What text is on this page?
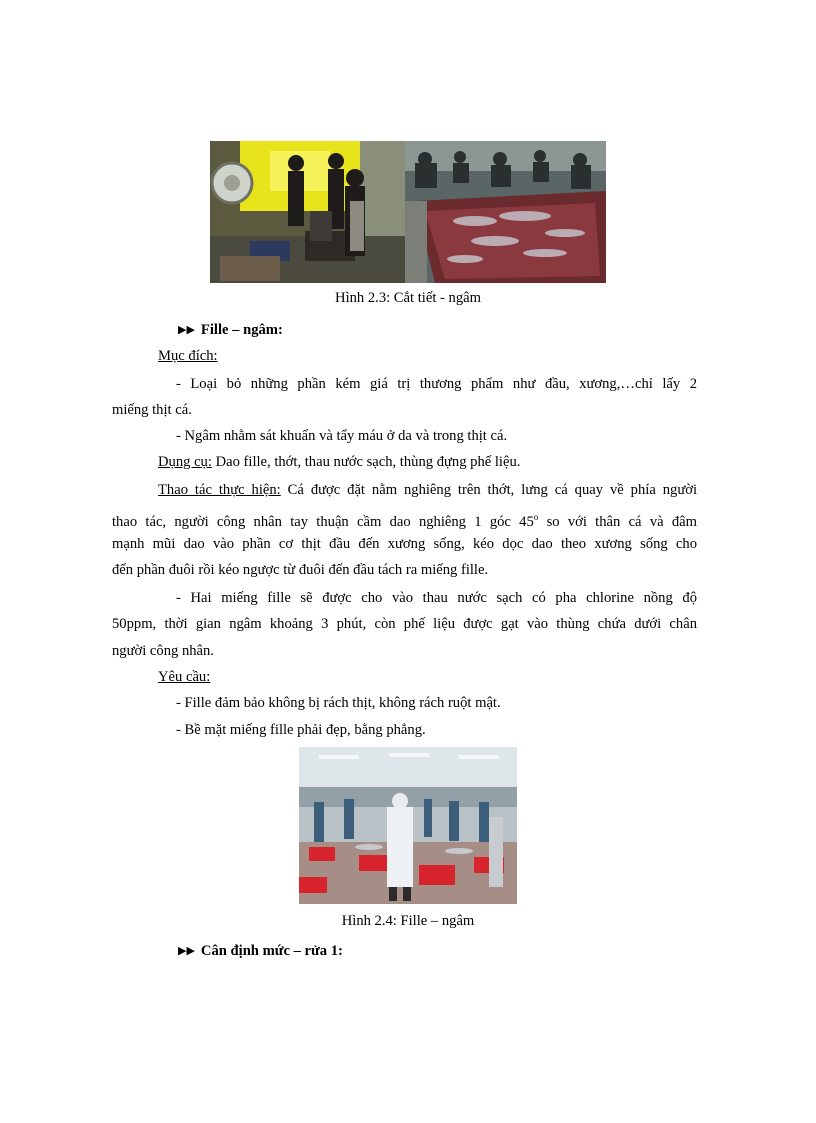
Hình 2.3: Cắt tiết - ngâm
▶▶ Fille – ngâm:
Mục đích:
- Loại bỏ những phần kém giá trị thương phẩm như đầu, xương,…chỉ lấy 2
miếng thịt cá.
- Ngâm nhằm sát khuẩn và tẩy máu ở da và trong thịt cá.
Dụng cụ: Dao fille, thớt, thau nước sạch, thùng đựng phế liệu.
Thao tác thực hiện: Cá được đặt nằm nghiêng trên thớt, lưng cá quay về phía người
thao tác, người công nhân tay thuận cầm dao nghiêng 1 góc 45$^o$ so với thân cá và đâm
mạnh mũi dao vào phần cơ thịt đầu đến xương sống, kéo dọc dao theo xương sống cho
đến phần đuôi rồi kéo ngược từ đuôi đến đầu tách ra miếng fille.
- Hai miếng fille sẽ được cho vào thau nước sạch có pha chlorine nồng độ
50ppm, thời gian ngâm khoảng 3 phút, còn phế liệu được gạt vào thùng chứa dưới chân
người công nhân.
Yêu cầu:
- Fille đảm bảo không bị rách thịt, không rách ruột mật.
- Bề mặt miếng fille phải đẹp, bằng phẳng.
Hình 2.4: Fille – ngâm
▶▶ Cân định mức – rửa 1:
